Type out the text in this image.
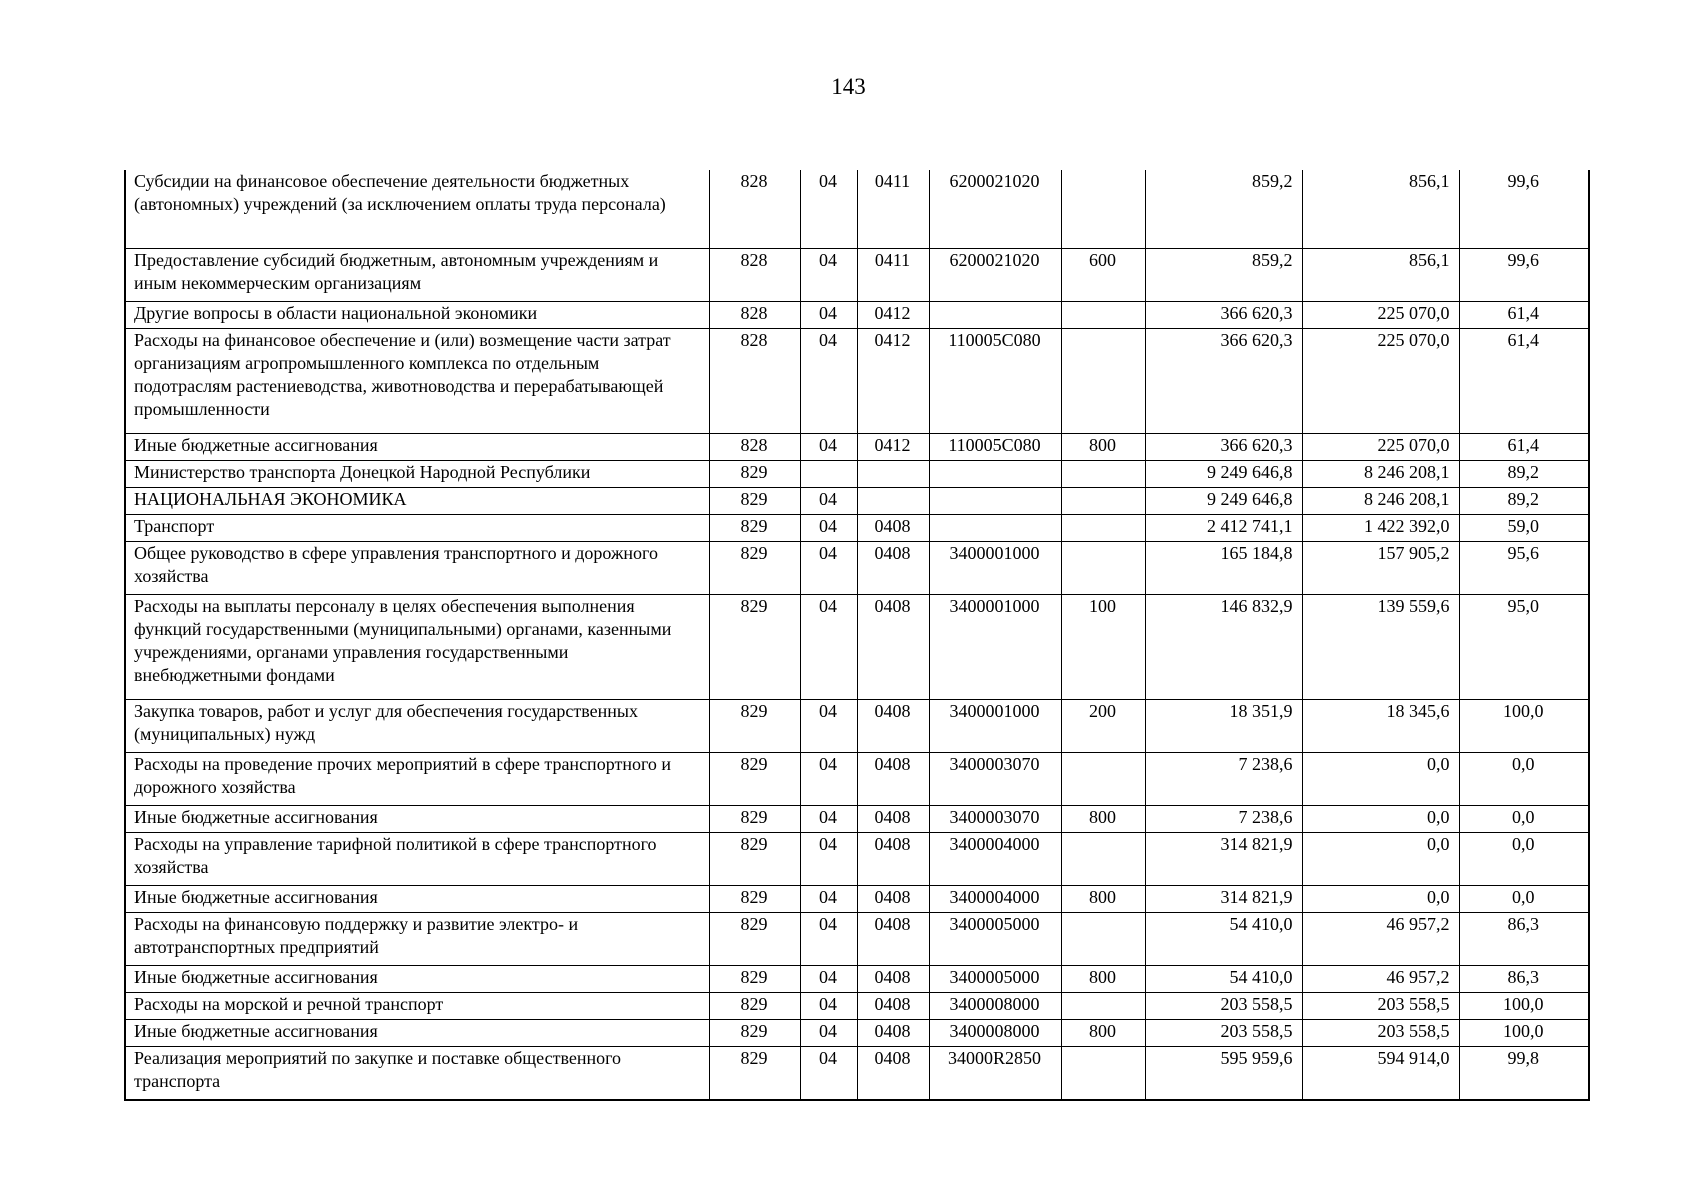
143
Субсидии на финансовое обеспечение деятельности бюджетных (автономных) учреждений (за исключением оплаты труда персонала)	828	04	0411	6200021020		859,2	856,1	99,6
Предоставление субсидий бюджетным, автономным учреждениям и иным некоммерческим организациям	828	04	0411	6200021020	600	859,2	856,1	99,6
Другие вопросы в области национальной экономики	828	04	0412			366 620,3	225 070,0	61,4
Расходы на финансовое обеспечение и (или) возмещение части затрат организациям агропромышленного комплекса по отдельным подотраслям растениеводства, животноводства и перерабатывающей промышленности	828	04	0412	110005С080		366 620,3	225 070,0	61,4
Иные бюджетные ассигнования	828	04	0412	110005С080	800	366 620,3	225 070,0	61,4
Министерство транспорта Донецкой Народной Республики	829					9 249 646,8	8 246 208,1	89,2
НАЦИОНАЛЬНАЯ ЭКОНОМИКА	829	04				9 249 646,8	8 246 208,1	89,2
Транспорт	829	04	0408			2 412 741,1	1 422 392,0	59,0
Общее руководство в сфере управления транспортного и дорожного хозяйства	829	04	0408	3400001000		165 184,8	157 905,2	95,6
Расходы на выплаты персоналу в целях обеспечения выполнения функций государственными (муниципальными) органами, казенными учреждениями, органами управления государственными внебюджетными фондами	829	04	0408	3400001000	100	146 832,9	139 559,6	95,0
Закупка товаров, работ и услуг для обеспечения государственных (муниципальных) нужд	829	04	0408	3400001000	200	18 351,9	18 345,6	100,0
Расходы на проведение прочих мероприятий в сфере транспортного и дорожного хозяйства	829	04	0408	3400003070		7 238,6	0,0	0,0
Иные бюджетные ассигнования	829	04	0408	3400003070	800	7 238,6	0,0	0,0
Расходы на управление тарифной политикой в сфере транспортного хозяйства	829	04	0408	3400004000		314 821,9	0,0	0,0
Иные бюджетные ассигнования	829	04	0408	3400004000	800	314 821,9	0,0	0,0
Расходы на финансовую поддержку и развитие электро- и автотранспортных предприятий	829	04	0408	3400005000		54 410,0	46 957,2	86,3
Иные бюджетные ассигнования	829	04	0408	3400005000	800	54 410,0	46 957,2	86,3
Расходы на морской и речной транспорт	829	04	0408	3400008000		203 558,5	203 558,5	100,0
Иные бюджетные ассигнования	829	04	0408	3400008000	800	203 558,5	203 558,5	100,0
Реализация мероприятий по закупке и поставке общественного транспорта	829	04	0408	34000R2850		595 959,6	594 914,0	99,8
